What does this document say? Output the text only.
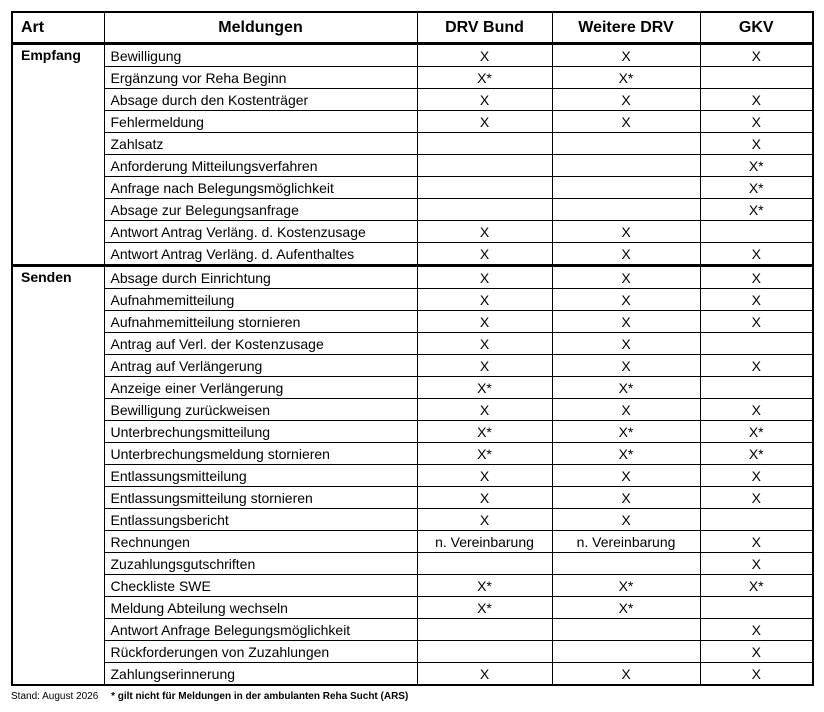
Art	Meldungen	DRV Bund	Weitere DRV	GKV
Empfang	Bewilligung	X	X	X
	Ergänzung vor Reha Beginn	X*	X*	
	Absage durch den Kostenträger	X	X	X
	Fehlermeldung	X	X	X
	Zahlsatz			X
	Anforderung Mitteilungsverfahren			X*
	Anfrage nach Belegungsmöglichkeit			X*
	Absage zur Belegungsanfrage			X*
	Antwort Antrag Verläng. d. Kostenzusage	X	X	
	Antwort Antrag Verläng. d. Aufenthaltes	X	X	X
Senden	Absage durch Einrichtung	X	X	X
	Aufnahmemitteilung	X	X	X
	Aufnahmemitteilung stornieren	X	X	X
	Antrag auf Verl. der Kostenzusage	X	X	
	Antrag auf Verlängerung	X	X	X
	Anzeige einer Verlängerung	X*	X*	
	Bewilligung zurückweisen	X	X	X
	Unterbrechungsmitteilung	X*	X*	X*
	Unterbrechungsmeldung stornieren	X*	X*	X*
	Entlassungsmitteilung	X	X	X
	Entlassungsmitteilung stornieren	X	X	X
	Entlassungsbericht	X	X	
	Rechnungen	n. Vereinbarung	n. Vereinbarung	X
	Zuzahlungsgutschriften			X
	Checkliste SWE	X*	X*	X*
	Meldung Abteilung wechseln	X*	X*	
	Antwort Anfrage Belegungsmöglichkeit			X
	Rückforderungen von Zuzahlungen			X
	Zahlungserinnerung	X	X	X
Stand: August 2026 * gilt nicht für Meldungen in der ambulanten Reha Sucht (ARS)
